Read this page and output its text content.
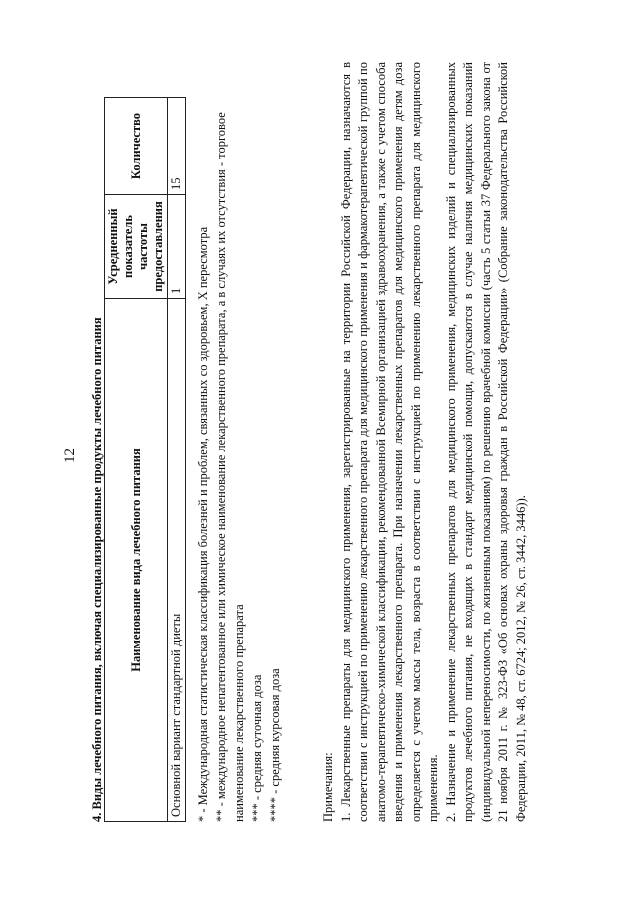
12 4. Виды лечебного питания, включая специализированные продукты лечебного питания Наименование вида лечебного питания	Усредненный показатель частоты предоставления	Количество
Основной вариант стандартной диеты	1	15
* - Международная статистическая классификация болезней и проблем, связанных со здоровьем, X пересмотра ** - международное непатентованное или химическое наименование лекарственного препарата, а в случаях их отсутствия - торговое наименование лекарственного препарата *** - средняя суточная доза **** - средняя курсовая доза	Примечания: 1. Лекарственные препараты для медицинского применения, зарегистрированные на территории Российской Федерации, назначаются в соответствии с инструкцией по применению лекарственного препарата для медицинского применения и фармакотерапевтической группой по анатомо-терапевтическо-химической классификации, рекомендованной Всемирной организацией здравоохранения, а также с учетом способа введения и применения лекарственного препарата. При назначении лекарственных препаратов для медицинского применения детям доза определяется с учетом массы тела, возраста в соответствии с инструкцией по применению лекарственного препарата для медицинского применения. 2. Назначение и применение лекарственных препаратов для медицинского применения, медицинских изделий и специализированных продуктов лечебного питания, не входящих в стандарт медицинской помощи, допускаются в случае наличия медицинских показаний (индивидуальной непереносимости, по жизненным показаниям) по решению врачебной комиссии (часть 5 статьи 37 Федерального закона от 21 ноября 2011 г. № 323-ФЗ «Об основах охраны здоровья граждан в Российской Федерации» (Собрание законодательства Российской Федерации, 2011, № 48, ст. 6724; 2012, № 26, ст. 3442, 3446)).
